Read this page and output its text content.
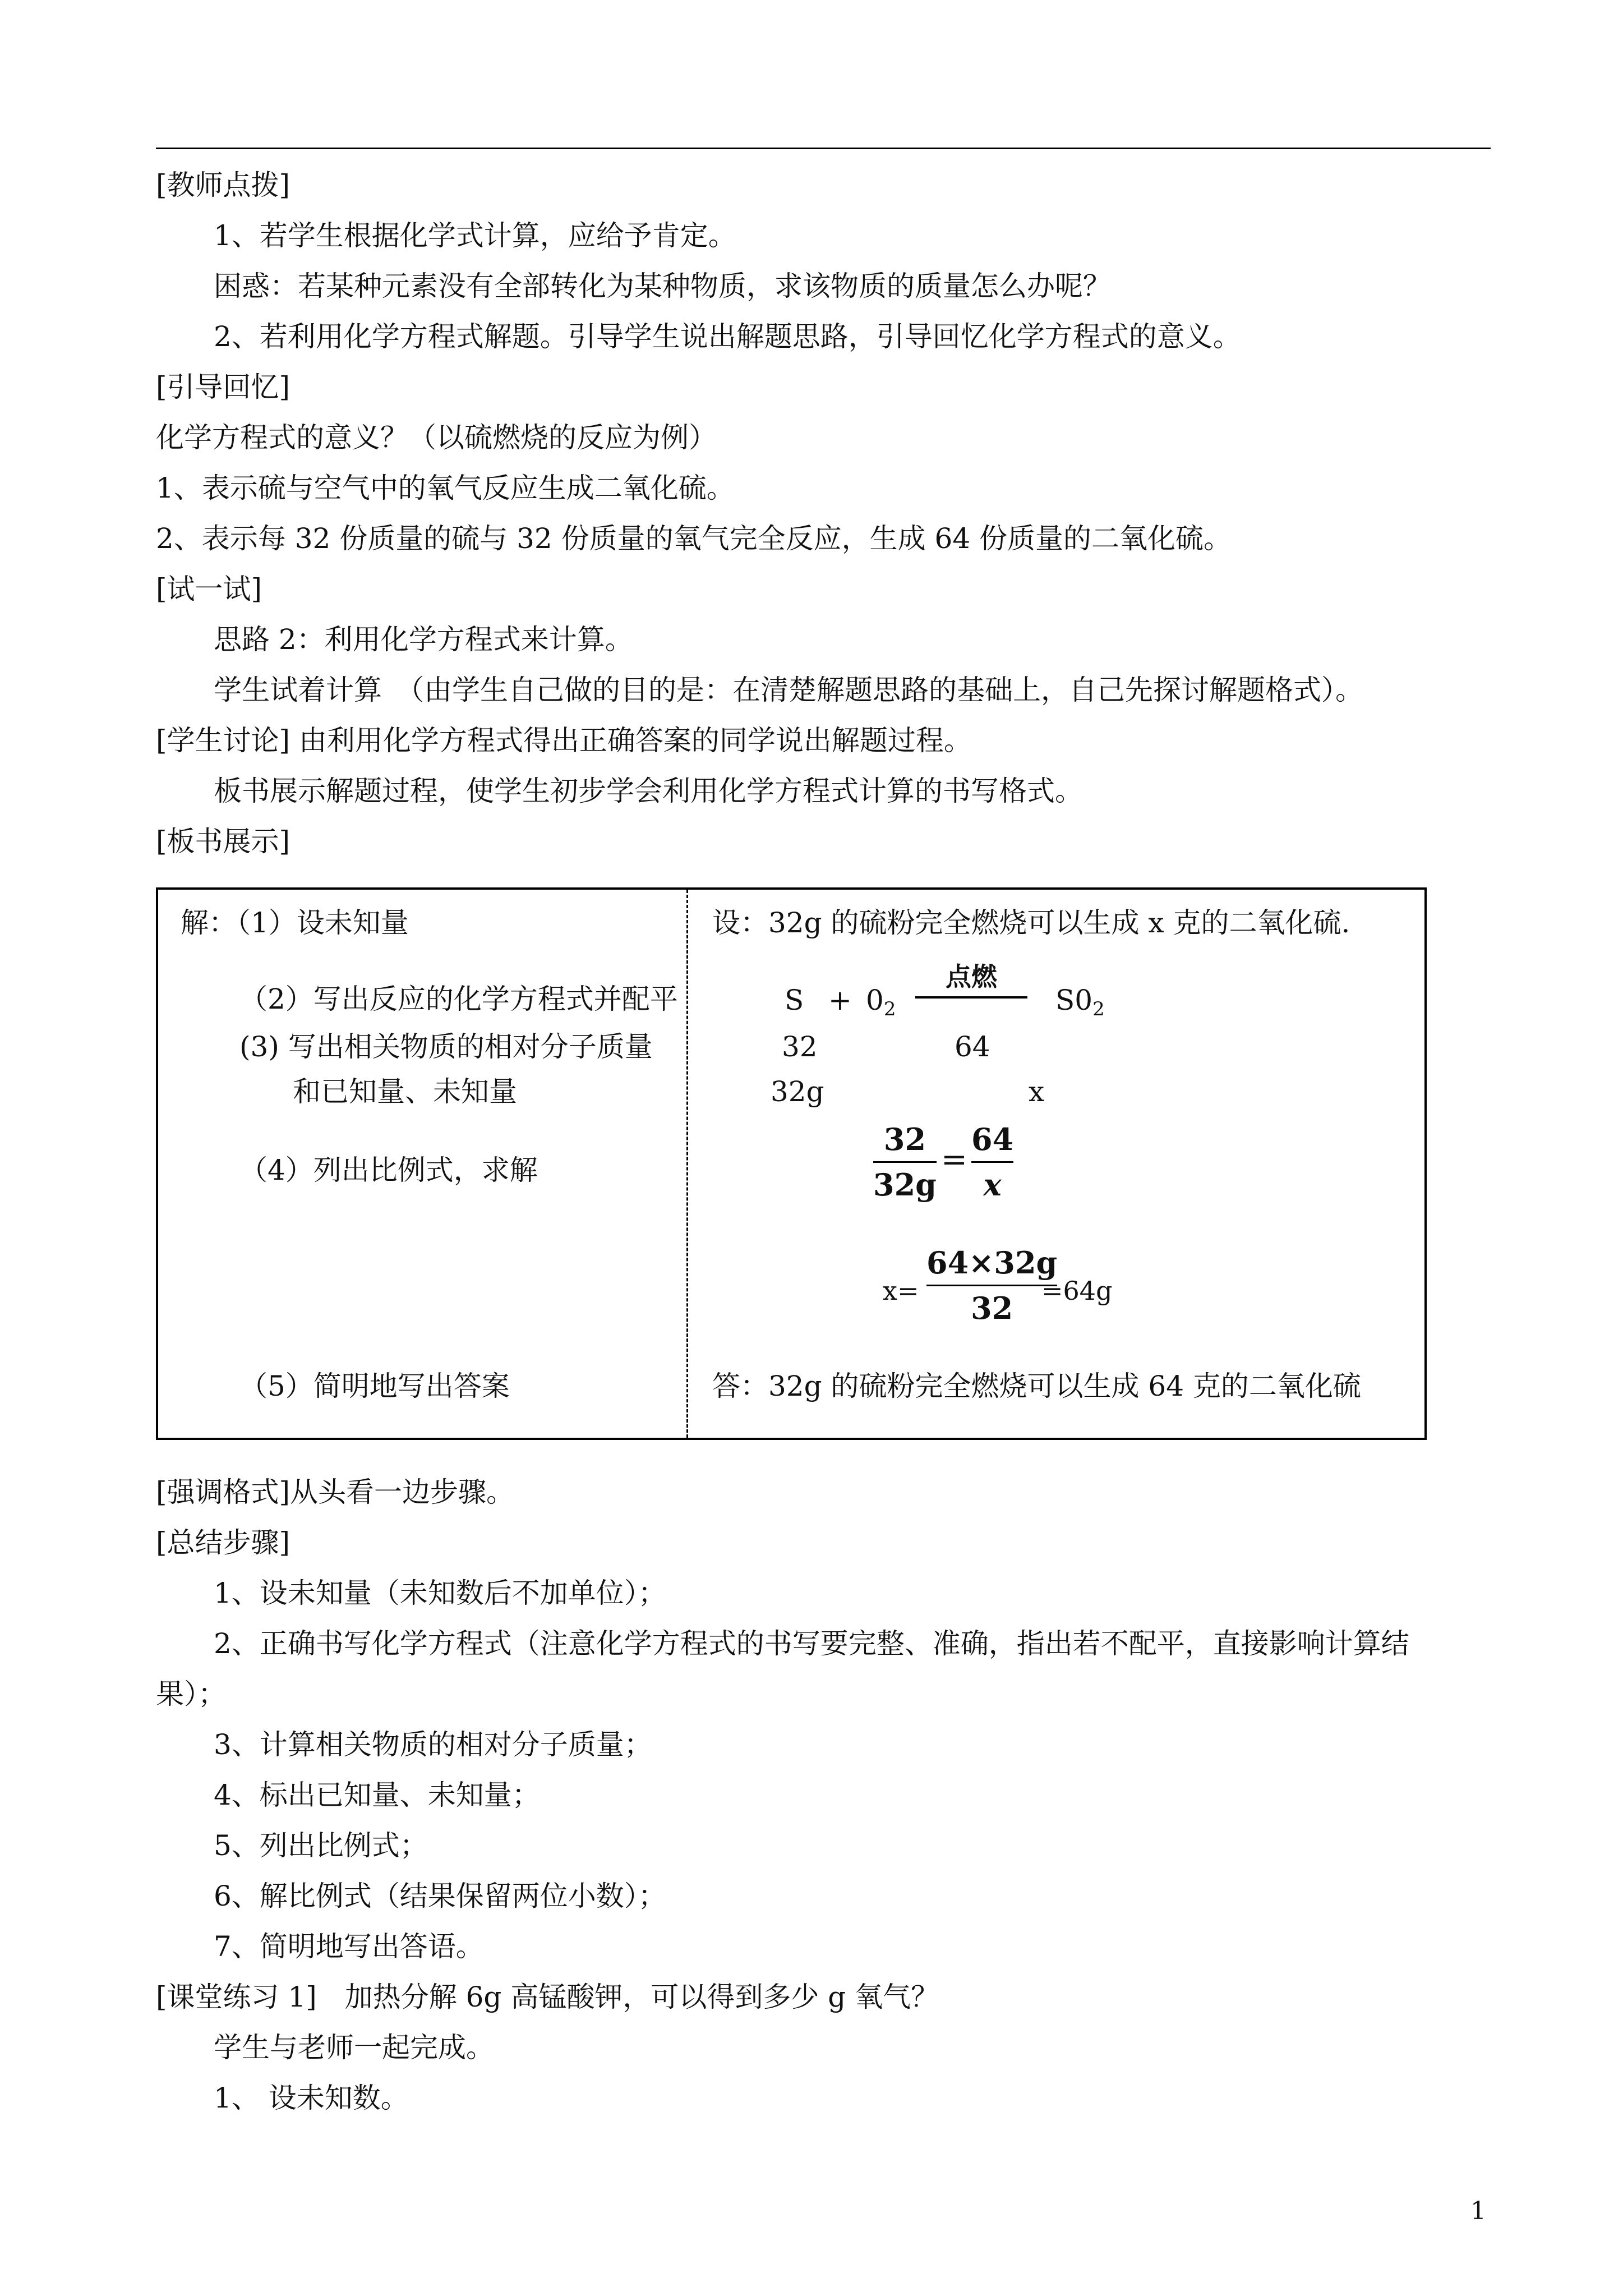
[教师点拨]
1、若学生根据化学式计算，应给予肯定。
困惑：若某种元素没有全部转化为某种物质，求该物质的质量怎么办呢？
2、若利用化学方程式解题。引导学生说出解题思路，引导回忆化学方程式的意义。
[引导回忆]
化学方程式的意义？（以硫燃烧的反应为例）
1、表示硫与空气中的氧气反应生成二氧化硫。
2、表示每 32 份质量的硫与 32 份质量的氧气完全反应，生成 64 份质量的二氧化硫。
[试一试]
思路 2：利用化学方程式来计算。
学生试着计算　（由学生自己做的目的是：在清楚解题思路的基础上，自己先探讨解题格式）。
[学生讨论] 由利用化学方程式得出正确答案的同学说出解题过程。
板书展示解题过程，使学生初步学会利用化学方程式计算的书写格式。
[板书展示]
解：（1）设未知量
（2）写出反应的化学方程式并配平
(3) 写出相关物质的相对分子质量
和已知量、未知量
（4）列出比例式，求解
（5）简明地写出答案
设：32g 的硫粉完全燃烧可以生成 x 克的二氧化硫.
$S + 0_2$
点燃
$S0_2$
32	64
32g	x
32
32g
=
64
x
x=
64×32g
32 =64g
答：32g 的硫粉完全燃烧可以生成 64 克的二氧化硫
[强调格式]从头看一边步骤。
[总结步骤]
1、设未知量（未知数后不加单位）；
2、正确书写化学方程式（注意化学方程式的书写要完整、准确，指出若不配平，直接影响计算结
果）；
3、计算相关物质的相对分子质量；
4、标出已知量、未知量；
5、列出比例式；
6、解比例式（结果保留两位小数）；
7、简明地写出答语。
[课堂练习 1]　加热分解 6g 高锰酸钾，可以得到多少 g 氧气？
学生与老师一起完成。
1、 设未知数。
1
